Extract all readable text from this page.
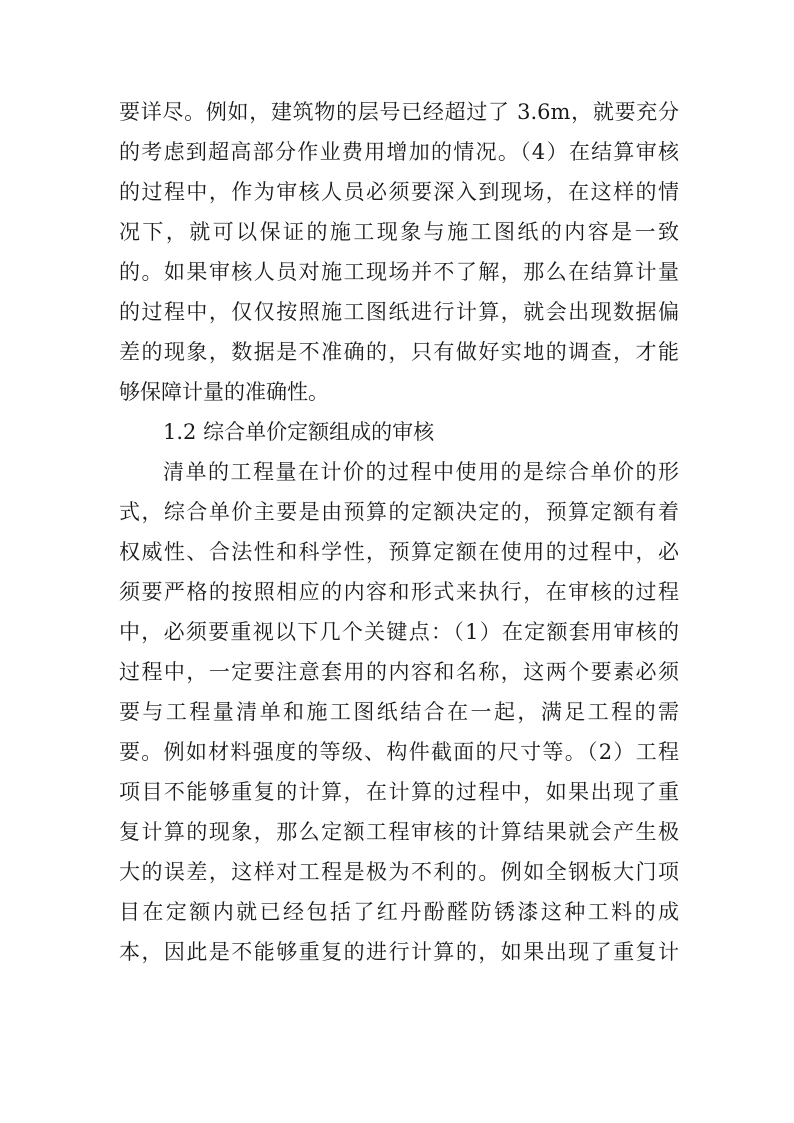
要详尽。例如，建筑物的层号已经超过了 3.6m，就要充分
的考虑到超高部分作业费用增加的情况。（4）在结算审核
的过程中，作为审核人员必须要深入到现场，在这样的情
况下，就可以保证的施工现象与施工图纸的内容是一致
的。如果审核人员对施工现场并不了解，那么在结算计量
的过程中，仅仅按照施工图纸进行计算，就会出现数据偏
差的现象，数据是不准确的，只有做好实地的调查，才能
够保障计量的准确性。
1.2 综合单价定额组成的审核
清单的工程量在计价的过程中使用的是综合单价的形
式，综合单价主要是由预算的定额决定的，预算定额有着
权威性、合法性和科学性，预算定额在使用的过程中，必
须要严格的按照相应的内容和形式来执行，在审核的过程
中，必须要重视以下几个关键点：（1）在定额套用审核的
过程中，一定要注意套用的内容和名称，这两个要素必须
要与工程量清单和施工图纸结合在一起，满足工程的需
要。例如材料强度的等级、构件截面的尺寸等。（2）工程
项目不能够重复的计算，在计算的过程中，如果出现了重
复计算的现象，那么定额工程审核的计算结果就会产生极
大的误差，这样对工程是极为不利的。例如全钢板大门项
目在定额内就已经包括了红丹酚醛防锈漆这种工料的成
本，因此是不能够重复的进行计算的，如果出现了重复计
